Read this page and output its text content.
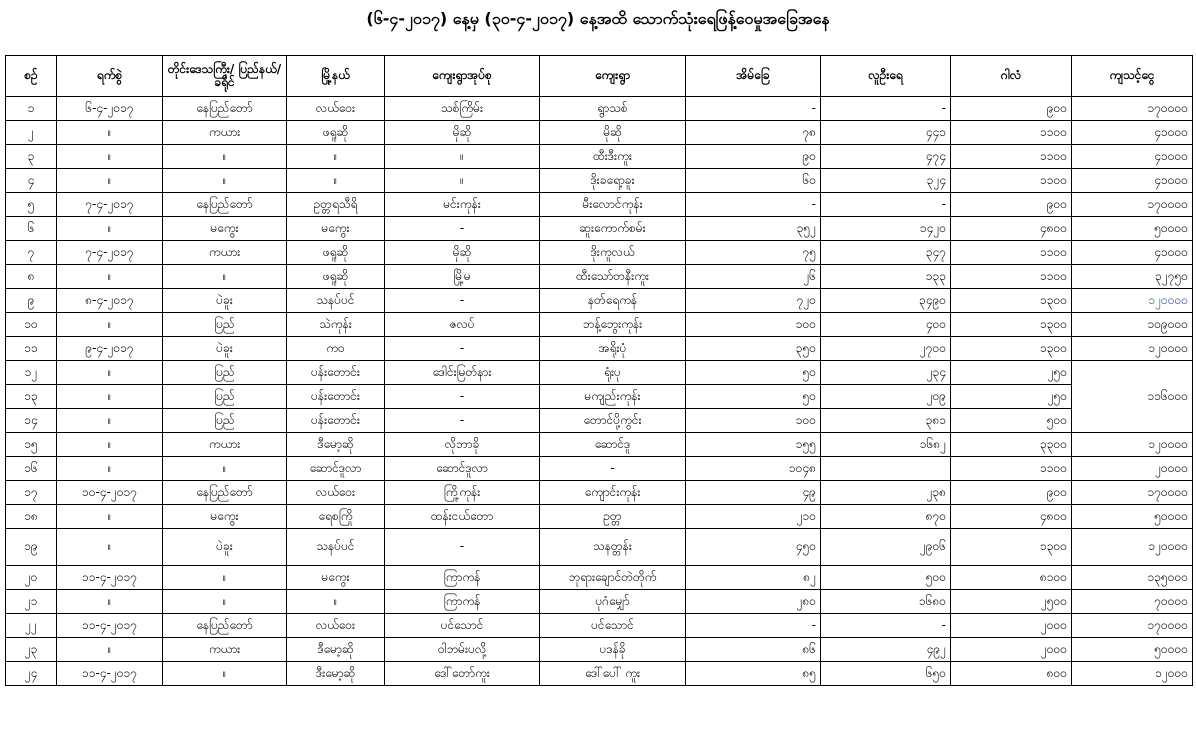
(၆-၄-၂၀၁၇) နေ့မှ (၃၀-၄-၂၀၁၇) နေ့အထိ သောက်သုံးရေဖြန့်ဝေမှုအခြေအနေ
စဉ်	ရက်စွဲ	တိုင်းဒေသကြီး/ ပြည်နယ်/ခရိုင်	မြို့နယ်	ကျေးရွာအုပ်စု	ကျေးရွာ	အိမ်ခြေ	လူဦးရေ	ဂါလံ	ကျသင့်ငွေ
၁	၆-၄-၂၀၁၇	နေပြည်တော်	လယ်ဝေး	သစ်ကြိမ်း	ရွာသစ်	-	-	၉၀၀	၁၇၀၀၀၀
၂	။	ကယား	ဖရူဆို	မိုဆို	မိုဆို	၇၈	၄၄၁	၁၁၀၀	၄၁၀၀၀
၃	။	။	။	။	ထီးဒီးကူး	၉၀	၄၇၄	၁၁၀၀	၄၁၀၀၀
၄	။	။	။	။	ဒိုးခရော့ခူး	၆၀	၃၂၄	၁၁၀၀	၄၁၀၀၀
၅	၇-၄-၂၀၁၇	နေပြည်တော်	ဥတ္တရသီရိ	မင်းကုန်း	မီးလောင်ကုန်း	-	-	၉၀၀	၁၇၀၀၀၀
၆	။	မကွေး	မကွေး	-	ဆူးကောက်စမ်း	၃၅၂	၁၄၂၀	၄၈၀၀	၅၀၀၀၀
၇	၇-၄-၂၀၁၇	ကယား	ဖရူဆို	မိုဆို	ဒိုးကူလယ်	၇၅	၃၄၇	၁၁၀၀	၄၁၀၀၀
၈	။	။	ဖရူဆို	မြို့မ	ထီးသော်တနီးကူး	၂၆	၁၃၃	၁၁၀၀	၃၂၇၅၀
၉	၈-၄-၂၀၁၇	ပဲခူး	သနပ်ပင်	-	နတ်ရေကန်	၇၂၀	၃၄၉၀	၁၃၀၀	၁၂၀၀၀၀
၁၀	။	ပြည်	သဲကုန်း	ဇလပ်	ဘန့်ဘွေးကုန်း	၁၀၀	၄၀၀	၁၃၀၀	၁၀၉၀၀၀
၁၁	၉-၄-၂၀၁၇	ပဲခူး	ကဝ	-	အရိုးပုံ	၃၅၀	၂၇၀၀	၁၃၀၀	၁၂၀၀၀၀
၁၂	။	ပြည်	ပန်းတောင်း	ဒေါင်းမြတ်နား	ရုံးပု	၅၀	၂၃၄	၂၅၀	၁၁၆၀၀၀
၁၃	။	ပြည်	ပန်းတောင်း	-	မကျည်းကုန်း	၅၀	၂၀၉	၂၅၀	
၁၄	။	ပြည်	ပန်းတောင်း	-	တောင်ပို့ကွင်း	၁၀၀	၃၈၁	၅၀၀	
၁၅	။	ကယား	ဒီမော့ဆို	လိုဘာခို	ဆောင်ဒူ	၁၅၅	၁၆၈၂	၃၃၀၀	၁၂၀၀၀၀
၁၆	။	။	ဆောင်ဒူလာ	ဆောင်ဒူလာ	-	၁၀၄၈		၁၁၀၀	၂၀၀၀၀
၁၇	၁၀-၄-၂၀၁၇	နေပြည်တော်	လယ်ဝေး	ကြို့ကုန်း	ကျောင်းကုန်း	၄၉	၂၃၈	၉၀၀	၁၇၀၀၀၀
၁၈	။	မကွေး	ရေစကြို	ထန်းငယ်တော	ဥတ္တ	၂၁၀	၈၇၀	၄၈၀၀	၅၀၀၀၀
၁၉	။	ပဲခူး	သနပ်ပင်	-	သနတ္တန်း	၄၅၀	၂၉၀၆	၁၃၀၀	၁၂၀၀၀၀
၂၀	၁၁-၄-၂၀၁၇	။	မကွေး	ကြာကန်	ဘုရားချောင်တဲတိုက်	၈၂	၅၀၀	၈၁၀၀	၁၃၅၀၀၀
၂၁	။	။	။	ကြာကန်	ပုဂံမျှော်	၂၈၀	၁၆၈၀	၂၅၀၀	၇၀၀၀၀
၂၂	၁၁-၄-၂၀၁၇	နေပြည်တော်	လယ်ဝေး	ပင်သောင်	ပင်သောင်	-	-	၂၀၀၀	၁၇၀၀၀၀
၂၃	။	ကယား	ဒီမော့ဆို	ဝါဘမ်းပလို့	ပဒန်ခို	၈၆	၄၉၂	၂၀၀၀	၅၀၀၀၀
၂၄	၁၁-၄-၂၀၁၇	။	ဒီးမော့ဆို	ဒေါ်တော်ကူး	ဒေါ်ပေါ် ကူး	၈၅	၆၅၀	၈၀၀	၁၂၀၀၀
